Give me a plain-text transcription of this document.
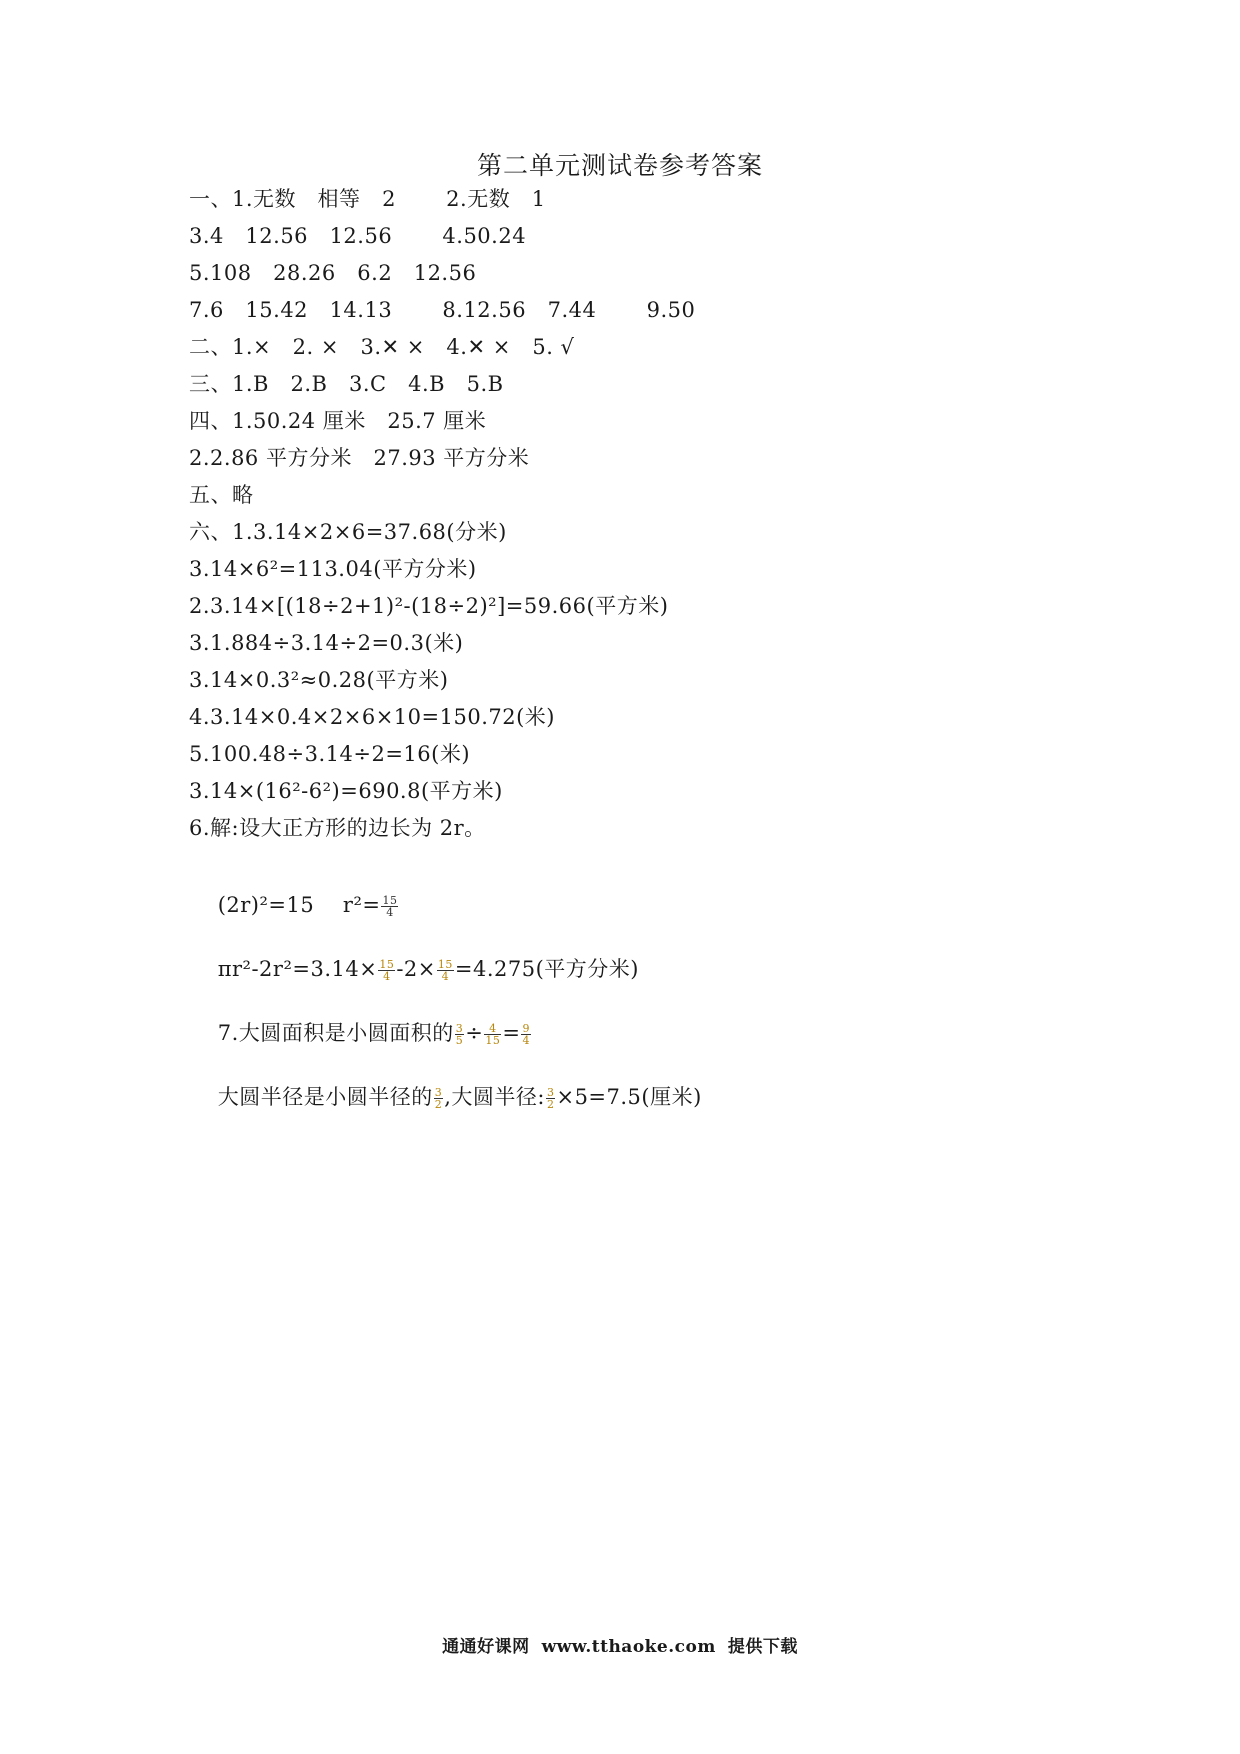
第二单元测试卷参考答案
一、1.无数   相等   2       2.无数   1
3.4   12.56   12.56       4.50.24
5.108   28.26   6.2   12.56
7.6   15.42   14.13       8.12.56   7.44       9.50
二、1.×   2. ×   3.✕ ×   4.✕ ×   5. √
三、1.B   2.B   3.C   4.B   5.B
四、1.50.24 厘米   25.7 厘米
2.2.86 平方分米   27.93 平方分米
五、略
六、1.3.14×2×6=37.68(分米)
3.14×6²=113.04(平方分米)
2.3.14×[(18÷2+1)²-(18÷2)²]=59.66(平方米)
3.1.884÷3.14÷2=0.3(米)
3.14×0.3²≈0.28(平方米)
4.3.14×0.4×2×6×10=150.72(米)
5.100.48÷3.14÷2=16(米)
3.14×(16²-6²)=690.8(平方米)
6.解:设大正方形的边长为 2r。

(2r)²=15    $r^2= \frac{15}{4}$

$\pi r^2-2r^2=3.14\times \frac{15}{4} -2\times \frac{15}{4} =4.275$(平方分米)

7.大圆面积是小圆面积的 $\frac{3}{5} \div \frac{4}{15} = \frac{9}{4}$

大圆半径是小圆半径的 $\frac{3}{2}$ ,大圆半径: $\frac{3}{2} \times 5=7.5$(厘米)

通通好课网 www.tthaoke.com 提供下载
